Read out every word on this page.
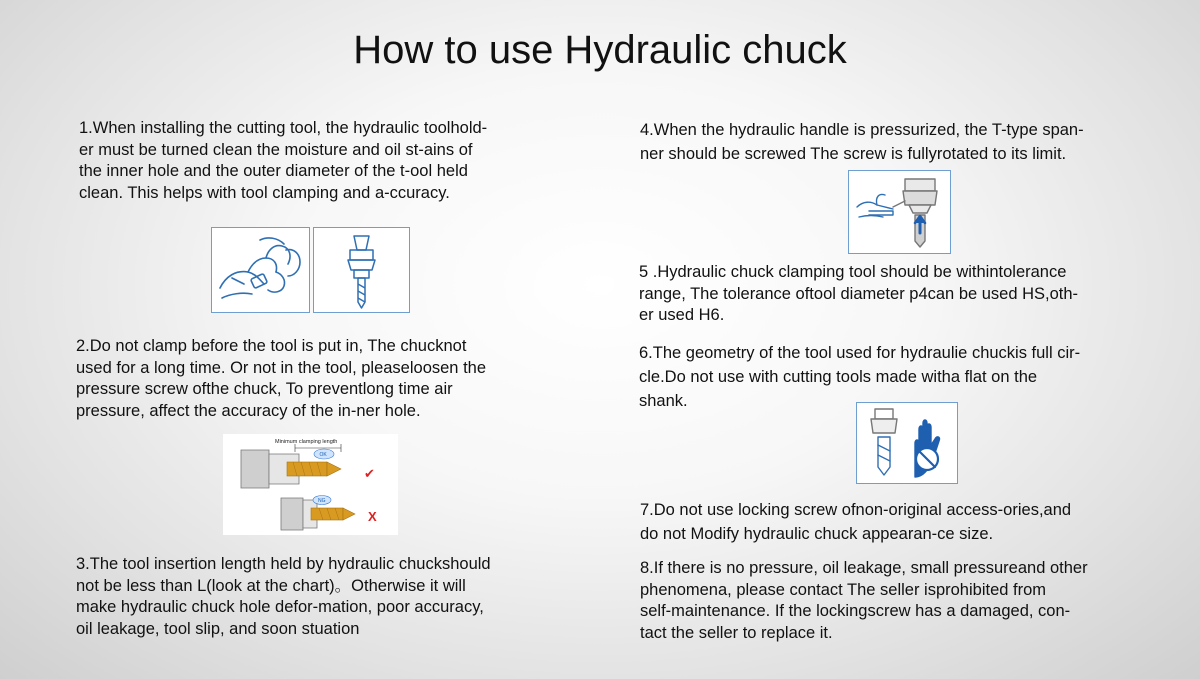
How to use Hydraulic chuck

1.When installing the cutting tool, the hydraulic toolhold-
er must be turned clean the moisture and oil st-ains of
the inner hole and the outer diameter of the t-ool held
clean. This helps with tool clamping and a-ccuracy.

2.Do not clamp before the tool is put in, The chucknot
used for a long time. Or not in the tool, pleaseloosen the
pressure screw ofthe chuck, To preventlong time air
pressure, affect the accuracy of the in-ner hole.

Minimum clamping length
OK
✔
NG
X

3.The tool insertion length held by hydraulic chuckshould
not be less than L(look at the chart)。Otherwise it will
make hydraulic chuck hole defor-mation, poor accuracy,
oil leakage, tool slip, and soon stuation

4.When the hydraulic handle is pressurized, the T-type span-
ner should be screwed The screw is fullyrotated to its limit.

5 .Hydraulic chuck clamping tool should be withintolerance
range, The tolerance oftool diameter p4can be used HS,oth-
er used H6.

6.The geometry of the tool used for hydraulie chuckis full cir-
cle.Do not use with cutting tools made witha flat on the
shank.

7.Do not use locking screw ofnon-original access-ories,and
do not Modify hydraulic chuck appearan-ce size.

8.If there is no pressure, oil leakage, small pressureand other
phenomena, please contact The seller isprohibited from
self-maintenance. If the lockingscrew has a damaged, con-
tact the seller to replace it.
